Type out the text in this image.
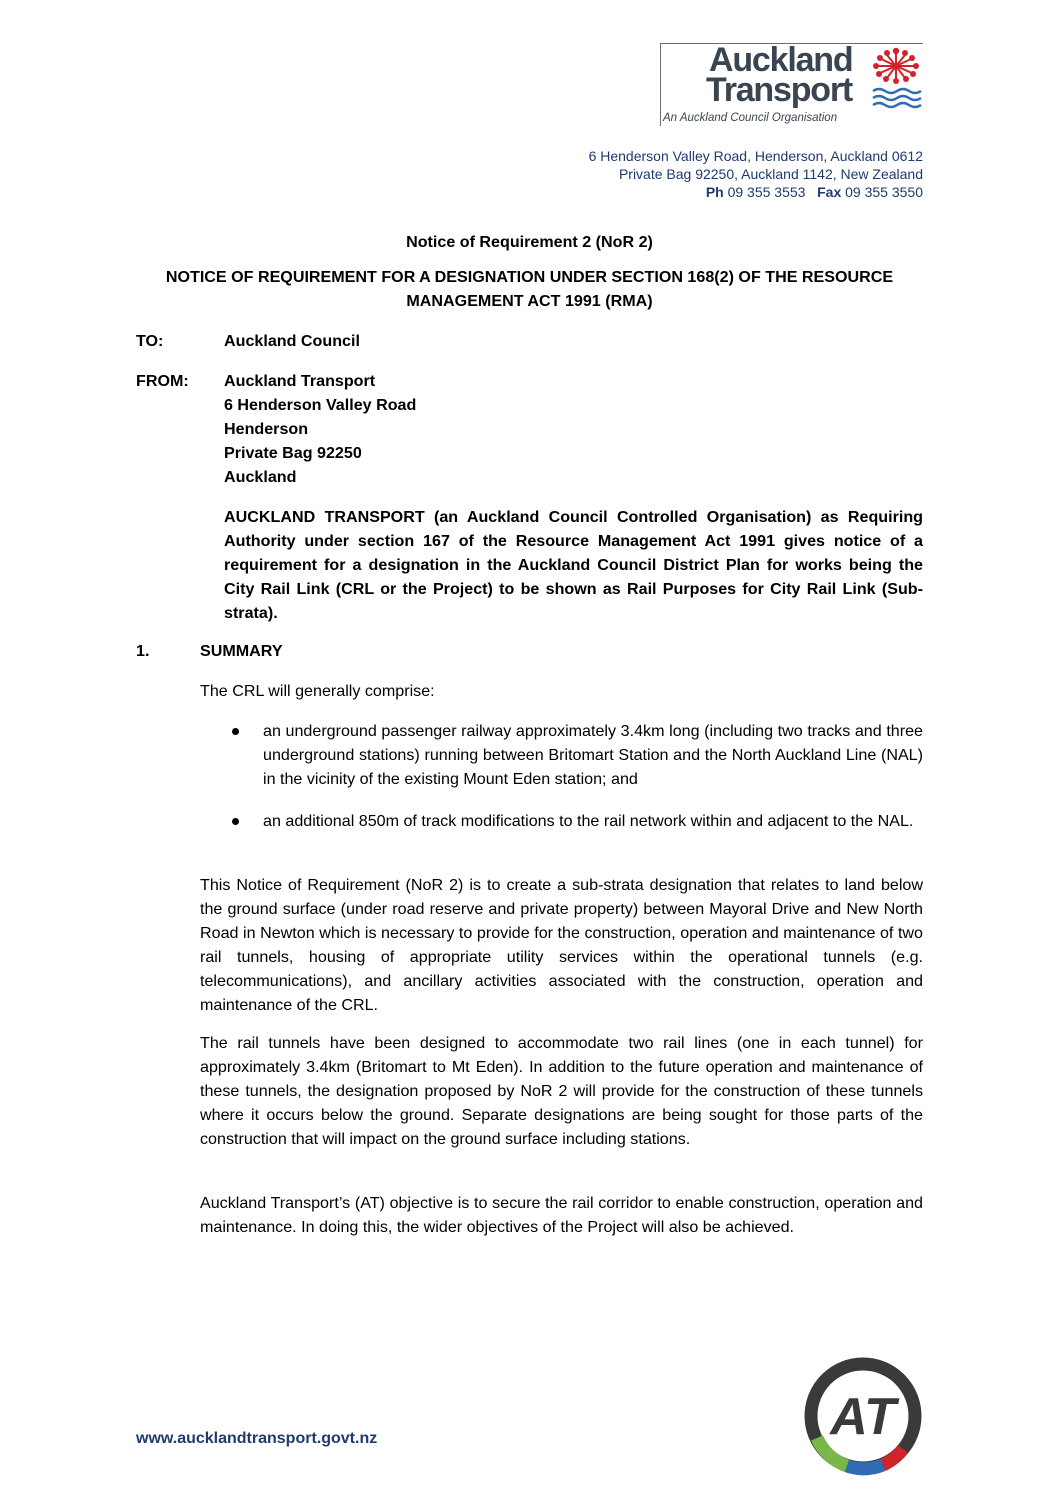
Auckland
Transport
An Auckland Council Organisation
6 Henderson Valley Road, Henderson, Auckland 0612
Private Bag 92250, Auckland 1142, New Zealand
Ph 09 355 3553 Fax 09 355 3550
Notice of Requirement 2 (NoR 2)
NOTICE OF REQUIREMENT FOR A DESIGNATION UNDER SECTION 168(2) OF THE RESOURCE MANAGEMENT ACT 1991 (RMA)
TO:	Auckland Council
FROM: Auckland Transport
6 Henderson Valley Road
Henderson
Private Bag 92250
Auckland
AUCKLAND TRANSPORT (an Auckland Council Controlled Organisation) as Requiring Authority under section 167 of the Resource Management Act 1991 gives notice of a requirement for a designation in the Auckland Council District Plan for works being the City Rail Link (CRL or the Project) to be shown as Rail Purposes for City Rail Link (Sub-strata).
1.	SUMMARY
The CRL will generally comprise:
an underground passenger railway approximately 3.4km long (including two tracks and three underground stations) running between Britomart Station and the North Auckland Line (NAL) in the vicinity of the existing Mount Eden station; and
an additional 850m of track modifications to the rail network within and adjacent to the NAL.
This Notice of Requirement (NoR 2) is to create a sub-strata designation that relates to land below the ground surface (under road reserve and private property) between Mayoral Drive and New North Road in Newton which is necessary to provide for the construction, operation and maintenance of two rail tunnels, housing of appropriate utility services within the operational tunnels (e.g. telecommunications), and ancillary activities associated with the construction, operation and maintenance of the CRL.
The rail tunnels have been designed to accommodate two rail lines (one in each tunnel) for approximately 3.4km (Britomart to Mt Eden). In addition to the future operation and maintenance of these tunnels, the designation proposed by NoR 2 will provide for the construction of these tunnels where it occurs below the ground. Separate designations are being sought for those parts of the construction that will impact on the ground surface including stations.
Auckland Transport’s (AT) objective is to secure the rail corridor to enable construction, operation and maintenance. In doing this, the wider objectives of the Project will also be achieved.
www.aucklandtransport.govt.nz	AT
